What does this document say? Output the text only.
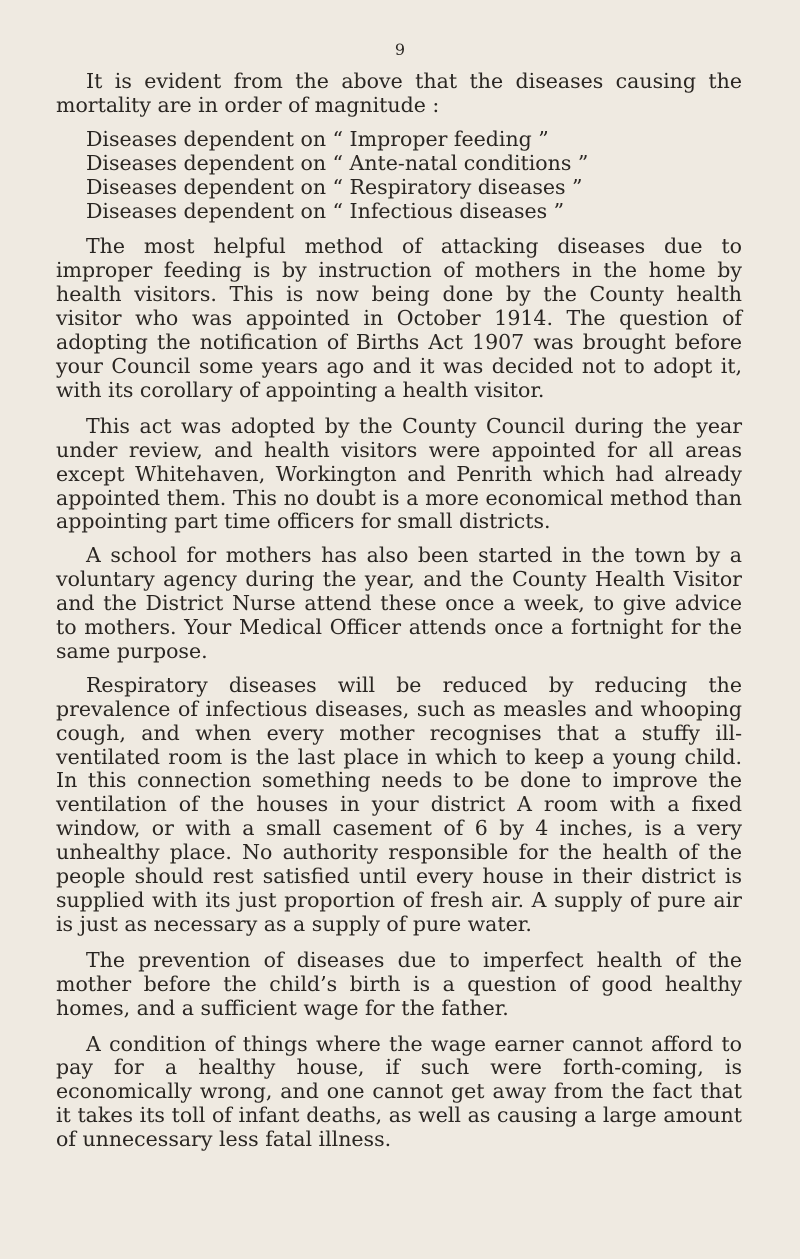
9

It is evident from the above that the diseases causing the mortality are in order of magnitude :

Diseases dependent on “ Improper feeding ”
Diseases dependent on “ Ante-natal conditions ”
Diseases dependent on “ Respiratory diseases ”
Diseases dependent on “ Infectious diseases ”

The most helpful method of attacking diseases due to improper feeding is by instruction of mothers in the home by health visitors. This is now being done by the County health visitor who was appointed in October 1914. The question of adopting the notification of Births Act 1907 was brought before your Council some years ago and it was decided not to adopt it, with its corollary of appointing a health visitor.

This act was adopted by the County Council during the year under review, and health visitors were appointed for all areas except Whitehaven, Workington and Penrith which had already appointed them. This no doubt is a more economical method than appointing part time officers for small districts.

A school for mothers has also been started in the town by a voluntary agency during the year, and the County Health Visitor and the District Nurse attend these once a week, to give advice to mothers. Your Medical Officer attends once a fortnight for the same purpose.

Respiratory diseases will be reduced by reducing the prevalence of infectious diseases, such as measles and whooping cough, and when every mother recognises that a stuffy ill-ventilated room is the last place in which to keep a young child. In this connection something needs to be done to improve the ventilation of the houses in your district A room with a fixed window, or with a small casement of 6 by 4 inches, is a very unhealthy place. No authority responsible for the health of the people should rest satisfied until every house in their district is supplied with its just proportion of fresh air. A supply of pure air is just as necessary as a supply of pure water.

The prevention of diseases due to imperfect health of the mother before the child’s birth is a question of good healthy homes, and a sufficient wage for the father.

A condition of things where the wage earner cannot afford to pay for a healthy house, if such were forth-coming, is economically wrong, and one cannot get away from the fact that it takes its toll of infant deaths, as well as causing a large amount of unnecessary less fatal illness.
